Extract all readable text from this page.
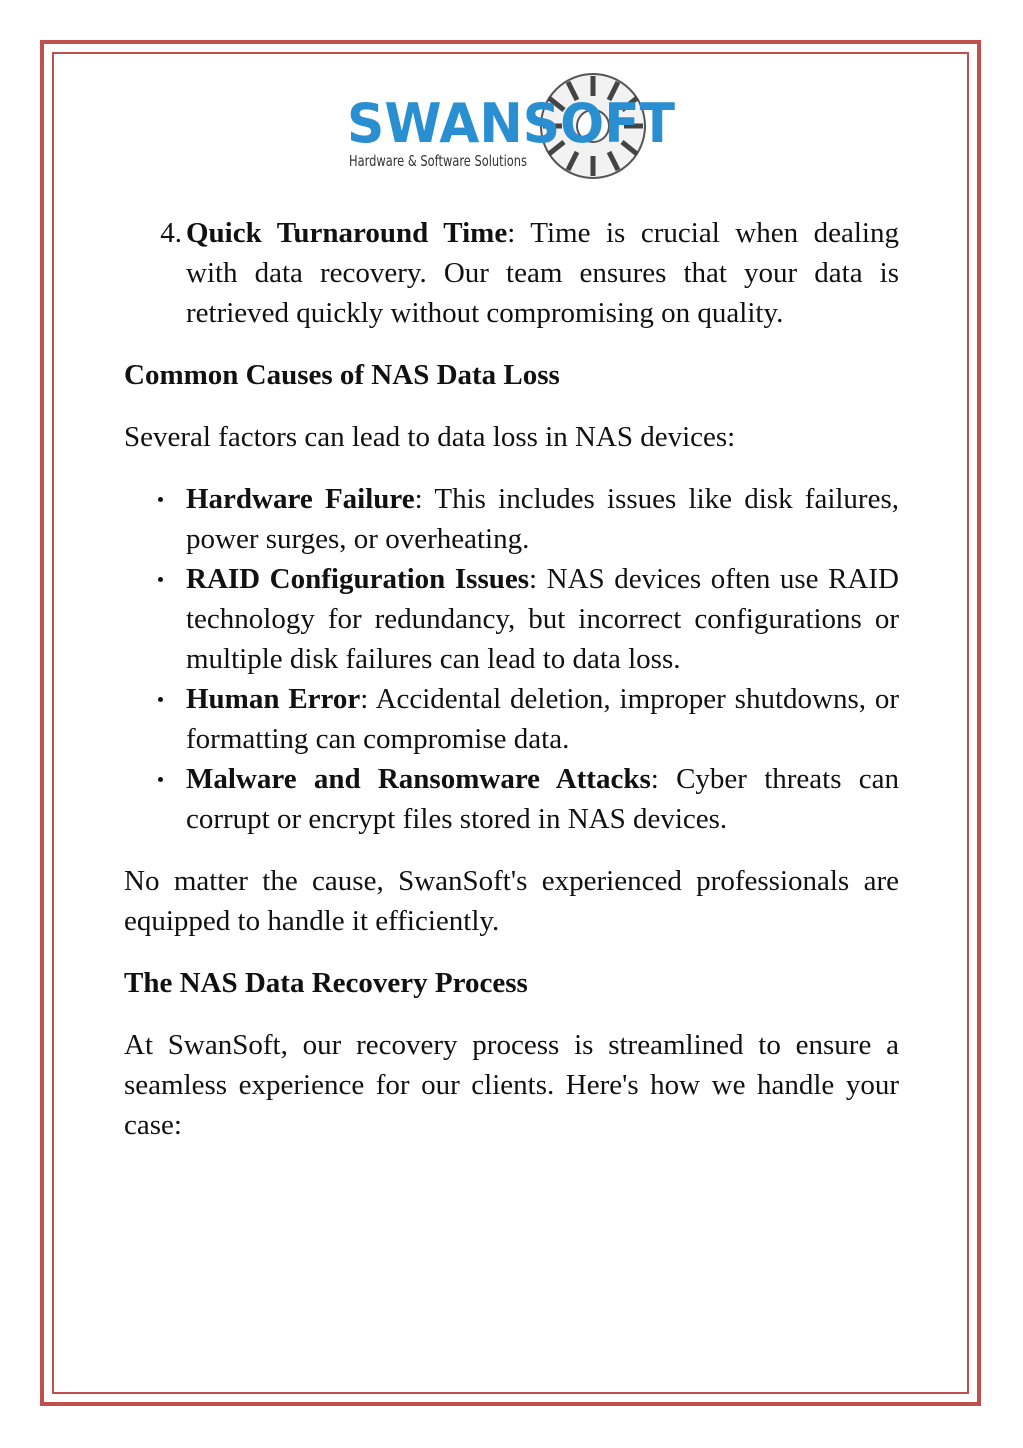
SWANSOFT
Hardware & Software Solutions
4. Quick Turnaround Time: Time is crucial when dealing with data recovery. Our team ensures that your data is retrieved quickly without compromising on quality.

Common Causes of NAS Data Loss

Several factors can lead to data loss in NAS devices:

Hardware Failure: This includes issues like disk failures, power surges, or overheating.
RAID Configuration Issues: NAS devices often use RAID technology for redundancy, but incorrect configurations or multiple disk failures can lead to data loss.
Human Error: Accidental deletion, improper shutdowns, or formatting can compromise data.
Malware and Ransomware Attacks: Cyber threats can corrupt or encrypt files stored in NAS devices.

No matter the cause, SwanSoft's experienced professionals are equipped to handle it efficiently.

The NAS Data Recovery Process

At SwanSoft, our recovery process is streamlined to ensure a seamless experience for our clients. Here's how we handle your case:
